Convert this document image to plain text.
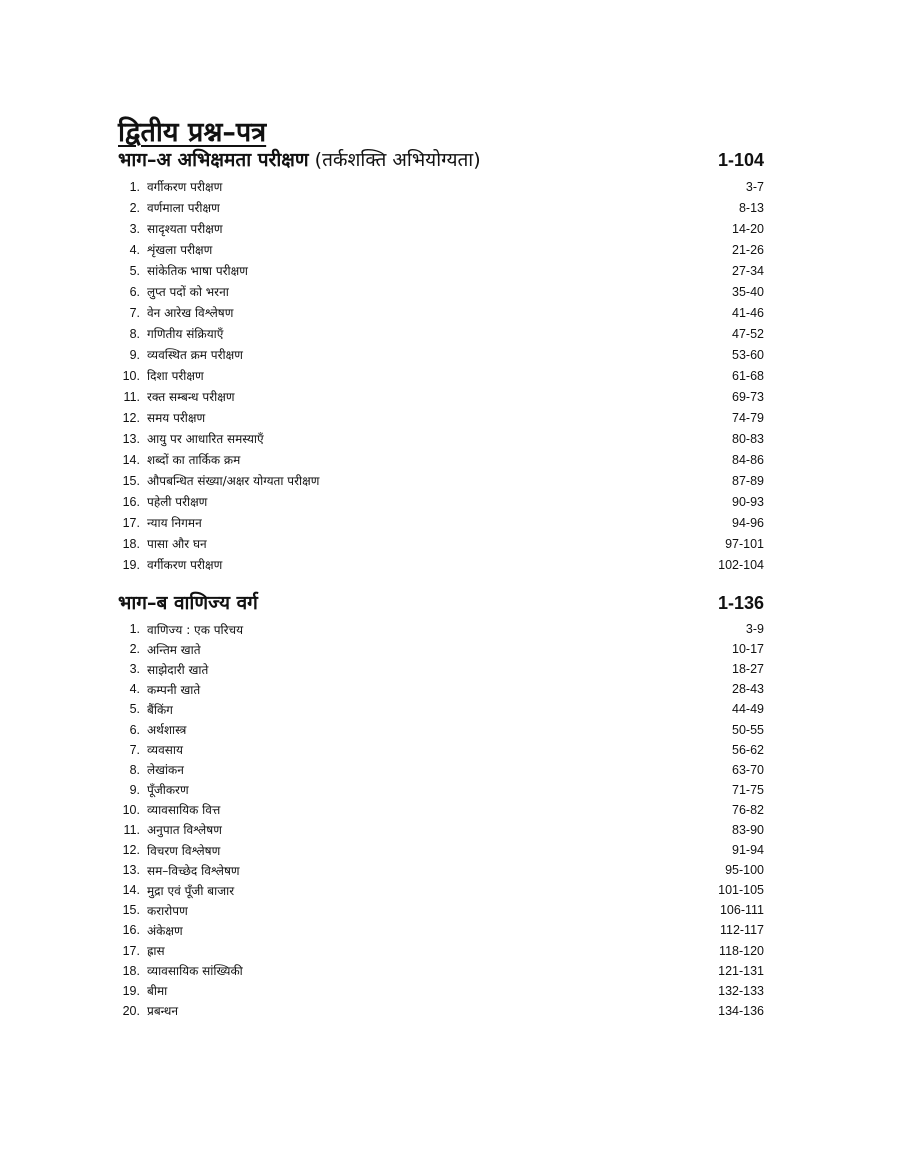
द्वितीय प्रश्न–पत्र
भाग–अ अभिक्षमता परीक्षण (तर्कशक्ति अभियोग्यता)	1-104
1. वर्गीकरण परीक्षण	3-7
2. वर्णमाला परीक्षण	8-13
3. सादृश्यता परीक्षण	14-20
4. शृंखला परीक्षण	21-26
5. सांकेतिक भाषा परीक्षण	27-34
6. लुप्त पदों को भरना	35-40
7. वेन आरेख विश्लेषण	41-46
8. गणितीय संक्रियाएँ	47-52
9. व्यवस्थित क्रम परीक्षण	53-60
10. दिशा परीक्षण	61-68
11. रक्त सम्बन्ध परीक्षण	69-73
12. समय परीक्षण	74-79
13. आयु पर आधारित समस्याएँ	80-83
14. शब्दों का तार्किक क्रम	84-86
15. औपबन्धित संख्या/अक्षर योग्यता परीक्षण	87-89
16. पहेली परीक्षण	90-93
17. न्याय निगमन	94-96
18. पासा और घन	97-101
19. वर्गीकरण परीक्षण	102-104
भाग–ब वाणिज्य वर्ग	1-136
1. वाणिज्य : एक परिचय	3-9
2. अन्तिम खाते	10-17
3. साझेदारी खाते	18-27
4. कम्पनी खाते	28-43
5. बैंकिंग	44-49
6. अर्थशास्त्र	50-55
7. व्यवसाय	56-62
8. लेखांकन	63-70
9. पूँजीकरण	71-75
10. व्यावसायिक वित्त	76-82
11. अनुपात विश्लेषण	83-90
12. विचरण विश्लेषण	91-94
13. सम–विच्छेद विश्लेषण	95-100
14. मुद्रा एवं पूँजी बाजार	101-105
15. करारोपण	106-111
16. अंकेक्षण	112-117
17. ह्रास	118-120
18. व्यावसायिक सांख्यिकी	121-131
19. बीमा	132-133
20. प्रबन्धन	134-136
